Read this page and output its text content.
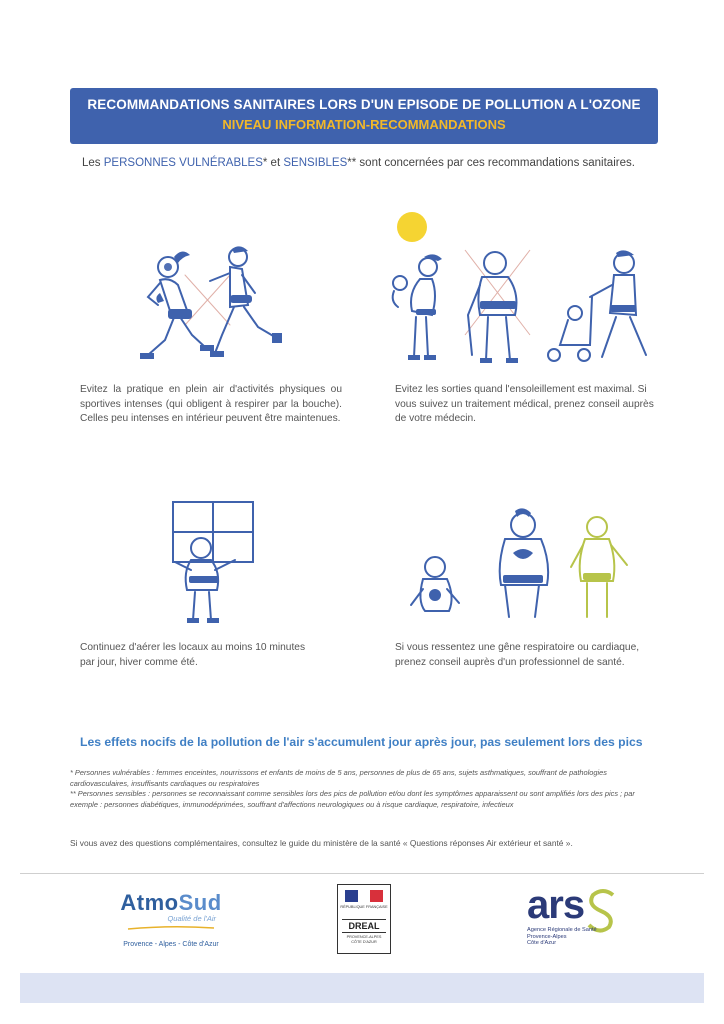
RECOMMANDATIONS SANITAIRES LORS D'UN EPISODE DE POLLUTION A L'OZONE
NIVEAU INFORMATION-RECOMMANDATIONS
Les PERSONNES VULNÉRABLES* et SENSIBLES** sont concernées par ces recommandations sanitaires.
Evitez la pratique en plein air d'activités physiques ou sportives intenses (qui obligent à respirer par la bouche). Celles peu intenses en intérieur peuvent être maintenues.
Evitez les sorties quand l'ensoleillement est maximal. Si vous suivez un traitement médical, prenez conseil auprès de votre médecin.
Continuez d'aérer les locaux au moins 10 minutes par jour, hiver comme été.
Si vous ressentez une gêne respiratoire ou cardiaque, prenez conseil auprès d'un professionnel de santé.
Les effets nocifs de la pollution de l'air s'accumulent jour après jour, pas seulement lors des pics
* Personnes vulnérables : femmes enceintes, nourrissons et enfants de moins de 5 ans, personnes de plus de 65 ans, sujets asthmatiques, souffrant de pathologies cardiovasculaires, insuffisants cardiaques ou respiratoires
** Personnes sensibles : personnes se reconnaissant comme sensibles lors des pics de pollution et/ou dont les symptômes apparaissent ou sont amplifiés lors des pics ; par exemple : personnes diabétiques, immunodéprimées, souffrant d'affections neurologiques ou à risque cardiaque, respiratoire, infectieux
Si vous avez des questions complémentaires, consultez le guide du ministère de la santé « Questions réponses Air extérieur et santé ».
AtmoSud
Qualité de l'Air
Provence - Alpes - Côte d'Azur
RÉPUBLIQUE FRANÇAISE
DREAL
PROVENCE-ALPES
CÔTE D'AZUR
ars
Agence Régionale de Santé
Provence-Alpes
Côte d'Azur
